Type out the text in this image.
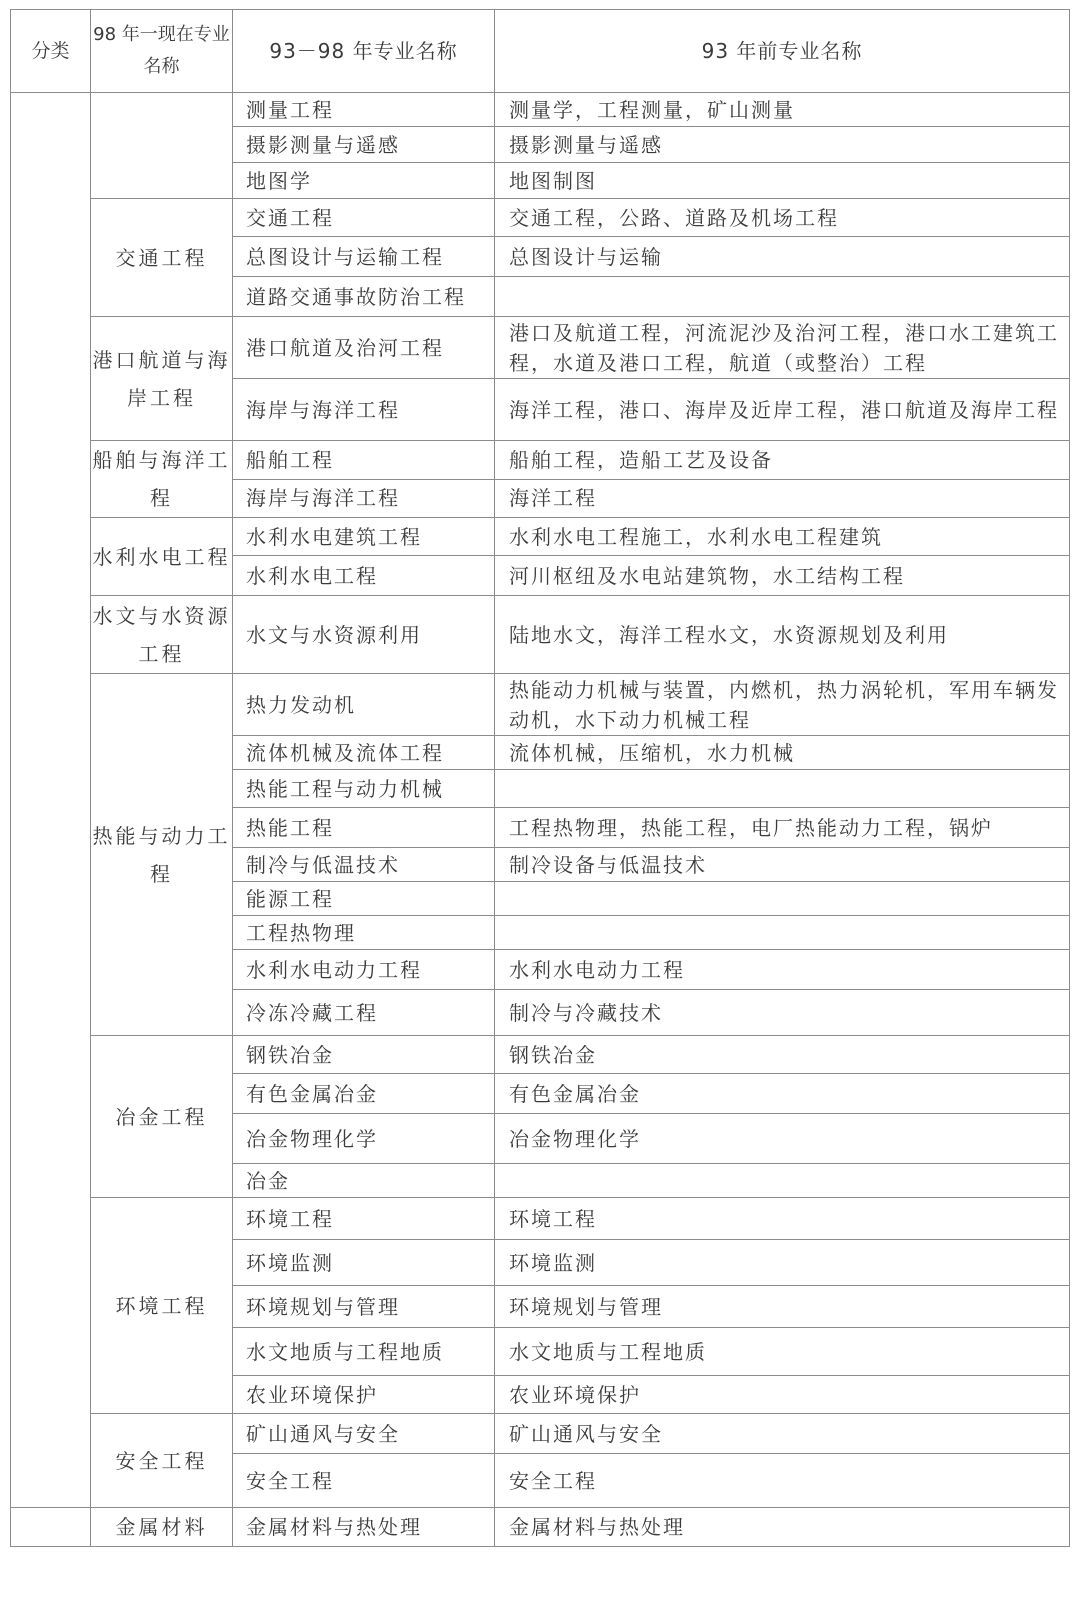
分类	98 年一现在专业名称	93－98 年专业名称	93 年前专业名称
		测量工程	测量学，工程测量，矿山测量
		摄影测量与遥感	摄影测量与遥感
		地图学	地图制图
	交通工程	交通工程	交通工程，公路、道路及机场工程
		总图设计与运输工程	总图设计与运输
		道路交通事故防治工程	
	港口航道与海岸工程	港口航道及治河工程	港口及航道工程，河流泥沙及治河工程，港口水工建筑工程，水道及港口工程，航道（或整治）工程
		海岸与海洋工程	海洋工程，港口、海岸及近岸工程，港口航道及海岸工程
	船舶与海洋工程	船舶工程	船舶工程，造船工艺及设备
		海岸与海洋工程	海洋工程
	水利水电工程	水利水电建筑工程	水利水电工程施工，水利水电工程建筑
		水利水电工程	河川枢纽及水电站建筑物，水工结构工程
	水文与水资源工程	水文与水资源利用	陆地水文，海洋工程水文，水资源规划及利用
	热能与动力工程	热力发动机	热能动力机械与装置，内燃机，热力涡轮机，军用车辆发动机，水下动力机械工程
		流体机械及流体工程	流体机械，压缩机，水力机械
		热能工程与动力机械	
		热能工程	工程热物理，热能工程，电厂热能动力工程，锅炉
		制冷与低温技术	制冷设备与低温技术
		能源工程	
		工程热物理	
		水利水电动力工程	水利水电动力工程
		冷冻冷藏工程	制冷与冷藏技术
	冶金工程	钢铁冶金	钢铁冶金
		有色金属冶金	有色金属冶金
		冶金物理化学	冶金物理化学
		冶金	
	环境工程	环境工程	环境工程
		环境监测	环境监测
		环境规划与管理	环境规划与管理
		水文地质与工程地质	水文地质与工程地质
		农业环境保护	农业环境保护
	安全工程	矿山通风与安全	矿山通风与安全
		安全工程	安全工程
	金属材料	金属材料与热处理	金属材料与热处理
